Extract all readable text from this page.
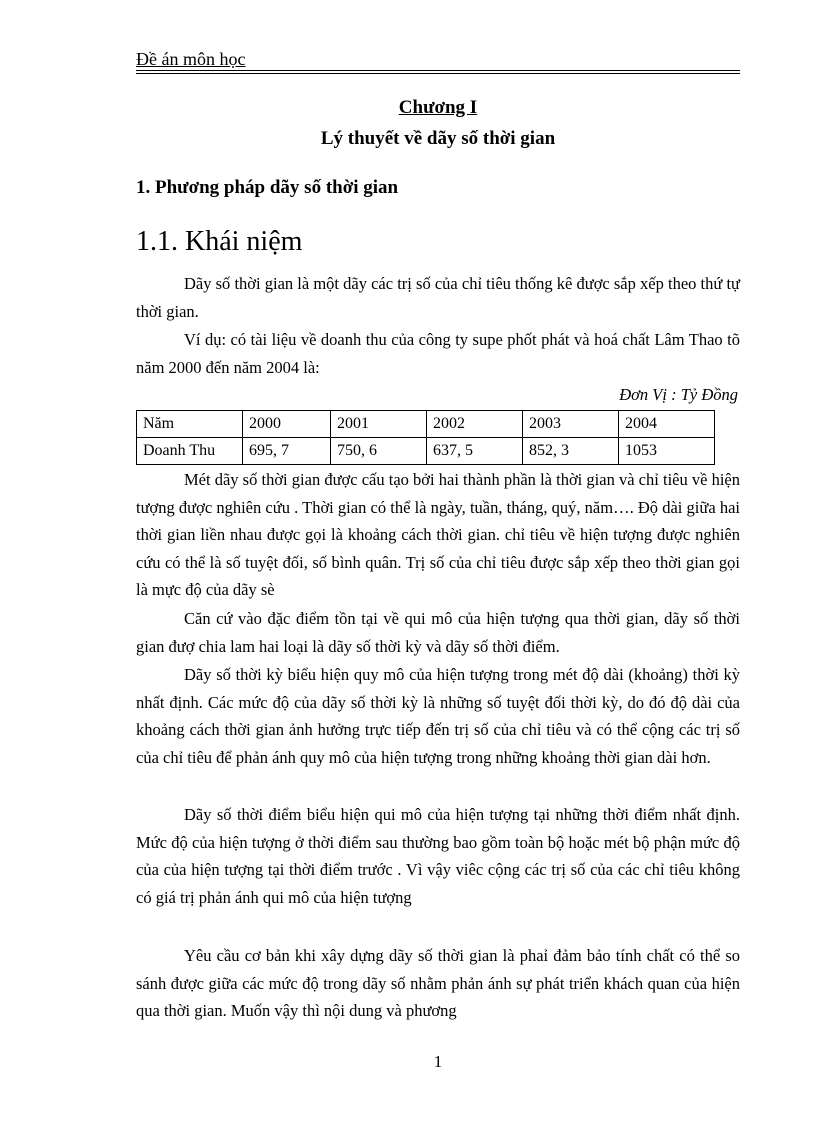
Đề án môn học
Chương I
Lý thuyết về dãy số thời gian
1. Phương pháp dãy số thời gian
1.1. Khái niệm

Dãy số thời gian là một dãy các trị số của chỉ tiêu thống kê được sắp xếp theo thứ tự thời gian.

Ví dụ: có tài liệu về doanh thu của công ty supe phốt phát và hoá chất Lâm Thao tõ năm 2000 đến năm 2004 là:

Đơn Vị : Tỷ Đồng
Năm	2000	2001	2002	2003	2004
Doanh Thu	695, 7	750, 6	637, 5	852, 3	1053

Mét dãy số thời gian được cấu tạo bởi hai thành phần là thời gian và chỉ tiêu về hiện tượng được nghiên cứu . Thời gian có thể là ngày, tuần, tháng, quý, năm…. Độ dài giữa hai thời gian liền nhau được gọi là khoảng cách thời gian. chỉ tiêu về hiện tượng được nghiên cứu có thể là số tuyệt đối, số bình quân. Trị số của chỉ tiêu được sắp xếp theo thời gian gọi là mực độ của dãy sè

Căn cứ vào đặc điểm tồn tại về qui mô của hiện tượng qua thời gian, dãy số thời gian đượ chia lam hai loại là dãy số thời kỳ và dãy số thời điểm.

Dãy số thời kỳ biểu hiện quy mô của hiện tượng trong mét độ dài (khoảng) thời kỳ nhất định. Các mức độ của dãy số thời kỳ là những số tuyệt đối thời kỳ, do đó độ dài của khoảng cách thời gian ảnh hưởng trực tiếp đến trị số của chỉ tiêu và có thể cộng các trị số của chỉ tiêu để phản ánh quy mô của hiện tượng trong những khoảng thời gian dài hơn.

Dãy số thời điểm biểu hiện qui mô của hiện tượng tại những thời điểm nhất định. Mức độ của hiện tượng ở thời điểm sau thường bao gồm toàn bộ hoặc mét bộ phận mức độ của của hiện tượng tại thời điểm trước . Vì vậy viêc cộng các trị số của các chỉ tiêu không có giá trị phản ánh qui mô của hiện tượng

Yêu cầu cơ bản khi xây dựng dãy số thời gian là phaỉ đảm bảo tính chất có thể so sánh được giữa các mức độ trong dãy số nhằm phản ánh sự phát triển khách quan của hiện qua thời gian. Muốn vậy thì nội dung và phương

1
